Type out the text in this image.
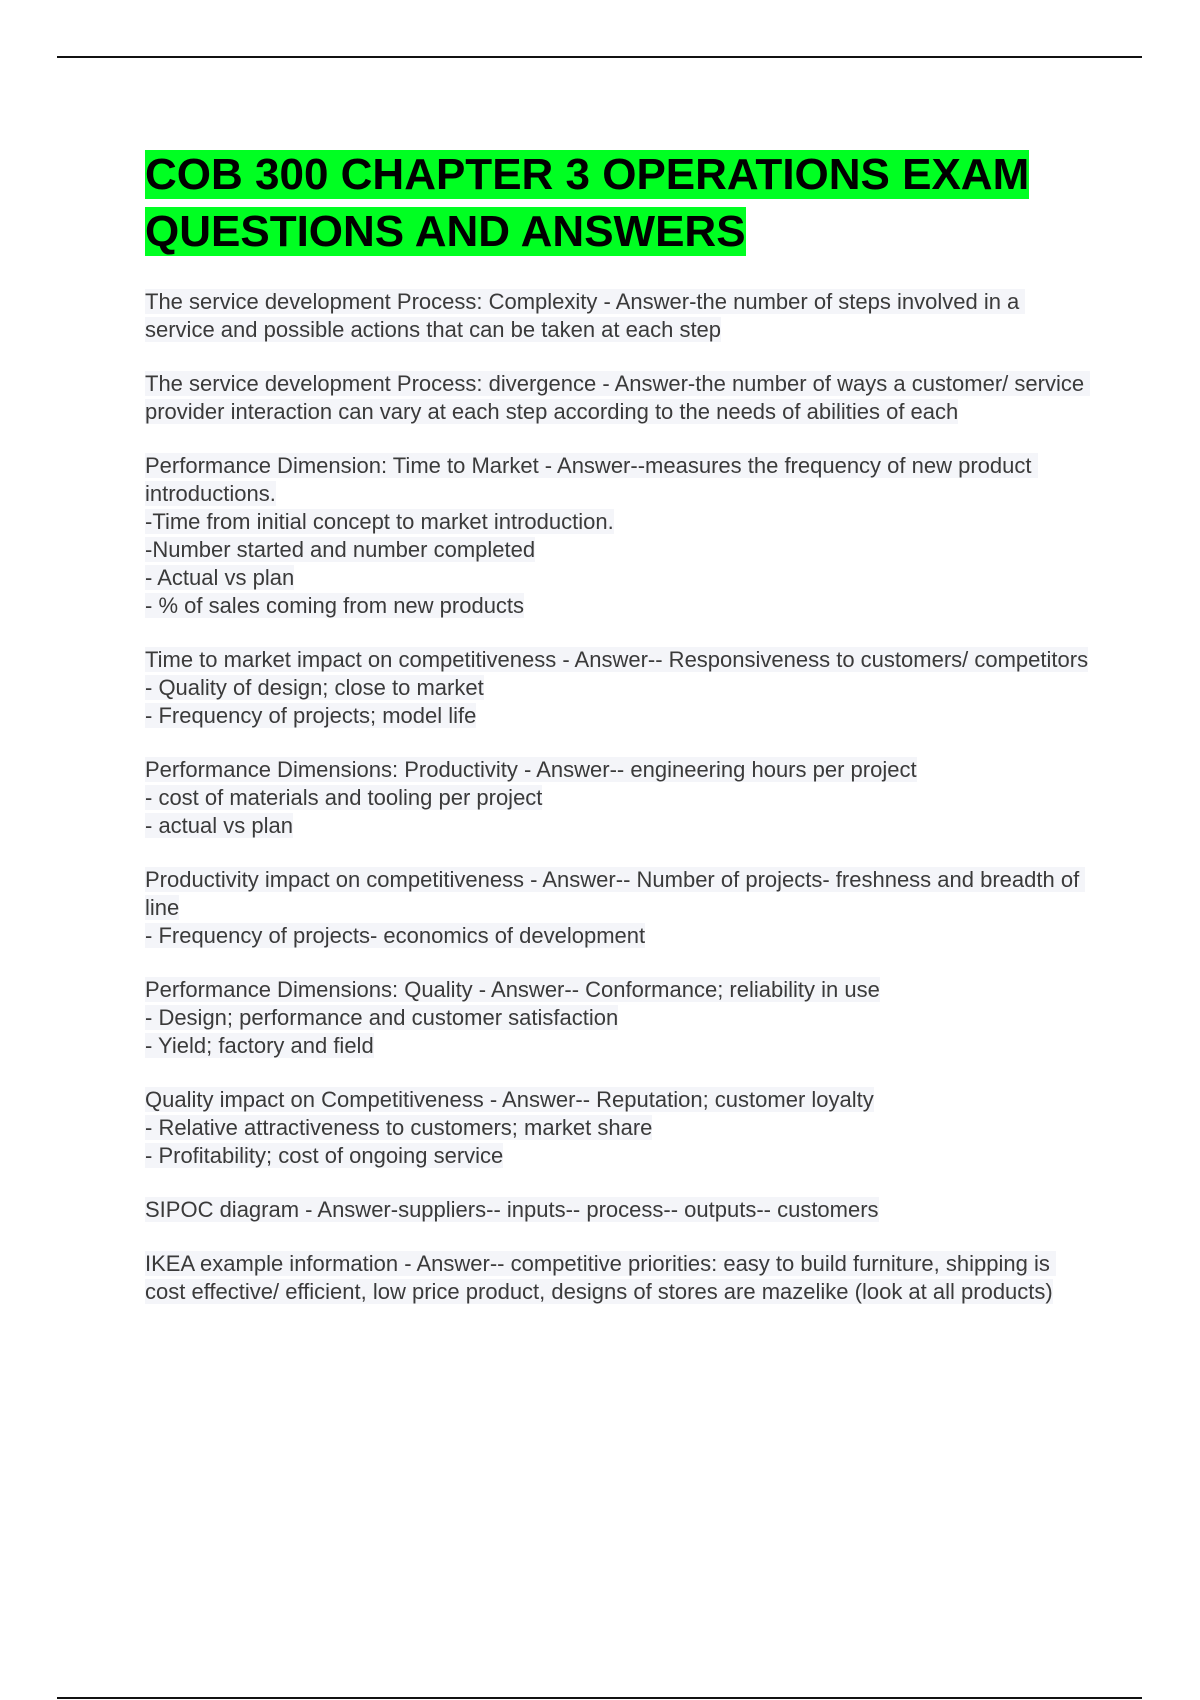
COB 300 CHAPTER 3 OPERATIONS EXAM QUESTIONS AND ANSWERS
The service development Process: Complexity - Answer-the number of steps involved in a service and possible actions that can be taken at each step
The service development Process: divergence - Answer-the number of ways a customer/ service provider interaction can vary at each step according to the needs of abilities of each
Performance Dimension: Time to Market - Answer--measures the frequency of new product introductions.
-Time from initial concept to market introduction.
-Number started and number completed
- Actual vs plan
- % of sales coming from new products
Time to market impact on competitiveness - Answer-- Responsiveness to customers/ competitors
- Quality of design; close to market
- Frequency of projects; model life
Performance Dimensions: Productivity - Answer-- engineering hours per project
- cost of materials and tooling per project
- actual vs plan
Productivity impact on competitiveness - Answer-- Number of projects- freshness and breadth of line
- Frequency of projects- economics of development
Performance Dimensions: Quality - Answer-- Conformance; reliability in use
- Design; performance and customer satisfaction
- Yield; factory and field
Quality impact on Competitiveness - Answer-- Reputation; customer loyalty
- Relative attractiveness to customers; market share
- Profitability; cost of ongoing service
SIPOC diagram - Answer-suppliers-- inputs-- process-- outputs-- customers
IKEA example information - Answer-- competitive priorities: easy to build furniture, shipping is cost effective/ efficient, low price product, designs of stores are mazelike (look at all products)
